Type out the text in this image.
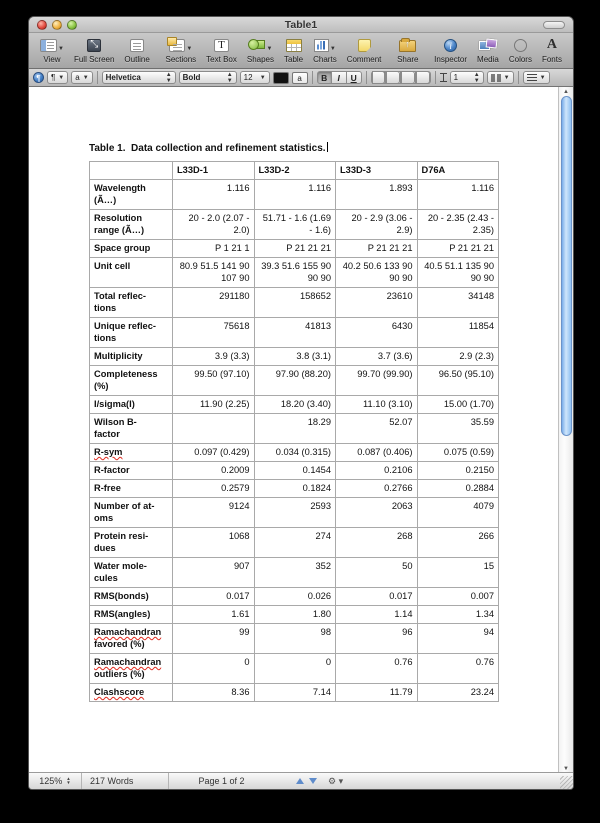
Table1
▼
View
⤡ Full Screen Outline
▼
Sections
T
Text Box
▼
Shapes Table
▼
Charts Comment
↑ Share
i
Inspector Media Colors
A
Fonts
¶	¶ ▼ a ▼ Helvetica	▲
▼ Bold	▲
▼ 12 ▼	a	B	I	U	1	▲
▼	▼	▼
Table 1.  Data collection and refinement statistics.
	L33D-1	L33D-2	L33D-3	D76A

Wavelength
(Ã…)	1.116	1.116	1.893	1.116

Resolution
range (Ã…)	20 - 2.0 (2.07 - 2.0)	51.71 - 1.6 (1.69 - 1.6)	20 - 2.9 (3.06 - 2.9)	20 - 2.35 (2.43 - 2.35)

Space group	P 1 21 1	P 21 21 21	P 21 21 21	P 21 21 21

Unit cell	80.9 51.5 141 90 107 90	39.3 51.6 155 90 90 90	40.2 50.6 133 90 90 90	40.5 51.1 135 90 90 90

Total reflec-
tions	291180	158652	23610	34148

Unique reflec-
tions	75618	41813	6430	11854

Multiplicity	3.9 (3.3)	3.8 (3.1)	3.7 (3.6)	2.9 (2.3)

Completeness
(%)	99.50 (97.10)	97.90 (88.20)	99.70 (99.90)	96.50 (95.10)

I/sigma(I)	11.90 (2.25)	18.20 (3.40)	11.10 (3.10)	15.00 (1.70)

Wilson B-
factor		18.29	52.07	35.59

R-sym	0.097 (0.429)	0.034 (0.315)	0.087 (0.406)	0.075 (0.59)

R-factor	0.2009	0.1454	0.2106	0.2150

R-free	0.2579	0.1824	0.2766	0.2884

Number of at-
oms	9124	2593	2063	4079

Protein resi-
dues	1068	274	268	266

Water mole-
cules	907	352	50	15

RMS(bonds)	0.017	0.026	0.017	0.007

RMS(angles)	1.61	1.80	1.14	1.34

Ramachandran
favored (%)	99	98	96	94

Ramachandran
outliers (%)	0	0	0.76	0.76

Clashscore	8.36	7.14	11.79	23.24
▲
▼
125% ▲
▼	217 Words	Page 1 of 2	⚙ ▾
